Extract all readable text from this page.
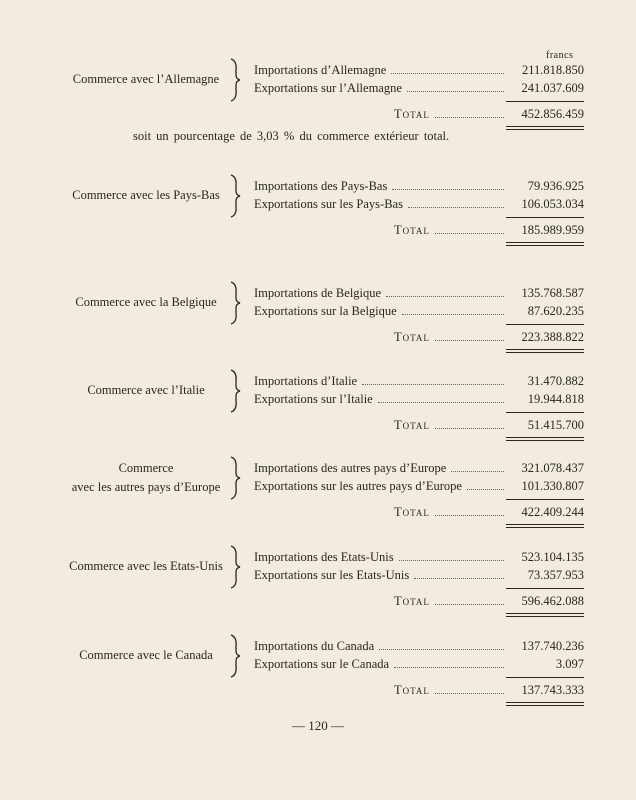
francs
Commerce avec l’Allemagne
Importations d’Allemagne	211.818.850
Exportations sur l’Allemagne	241.037.609
Total	452.856.459
Commerce avec les Pays-Bas
Importations des Pays-Bas	79.936.925
Exportations sur les Pays-Bas	106.053.034
Total	185.989.959
Commerce avec la Belgique
Importations de Belgique	135.768.587
Exportations sur la Belgique	87.620.235
Total	223.388.822
Commerce avec l’Italie
Importations d’Italie	31.470.882
Exportations sur l’Italie	19.944.818
Total	51.415.700
Commerce
avec les autres pays d’Europe
Importations des autres pays d’Europe	321.078.437
Exportations sur les autres pays d’Europe	101.330.807
Total	422.409.244
Commerce avec les Etats-Unis
Importations des Etats-Unis	523.104.135
Exportations sur les Etats-Unis	73.357.953
Total	596.462.088
Commerce avec le Canada
Importations du Canada	137.740.236
Exportations sur le Canada	3.097
Total	137.743.333
soit un pourcentage de 3,03 % du commerce extérieur total.
— 120 —
